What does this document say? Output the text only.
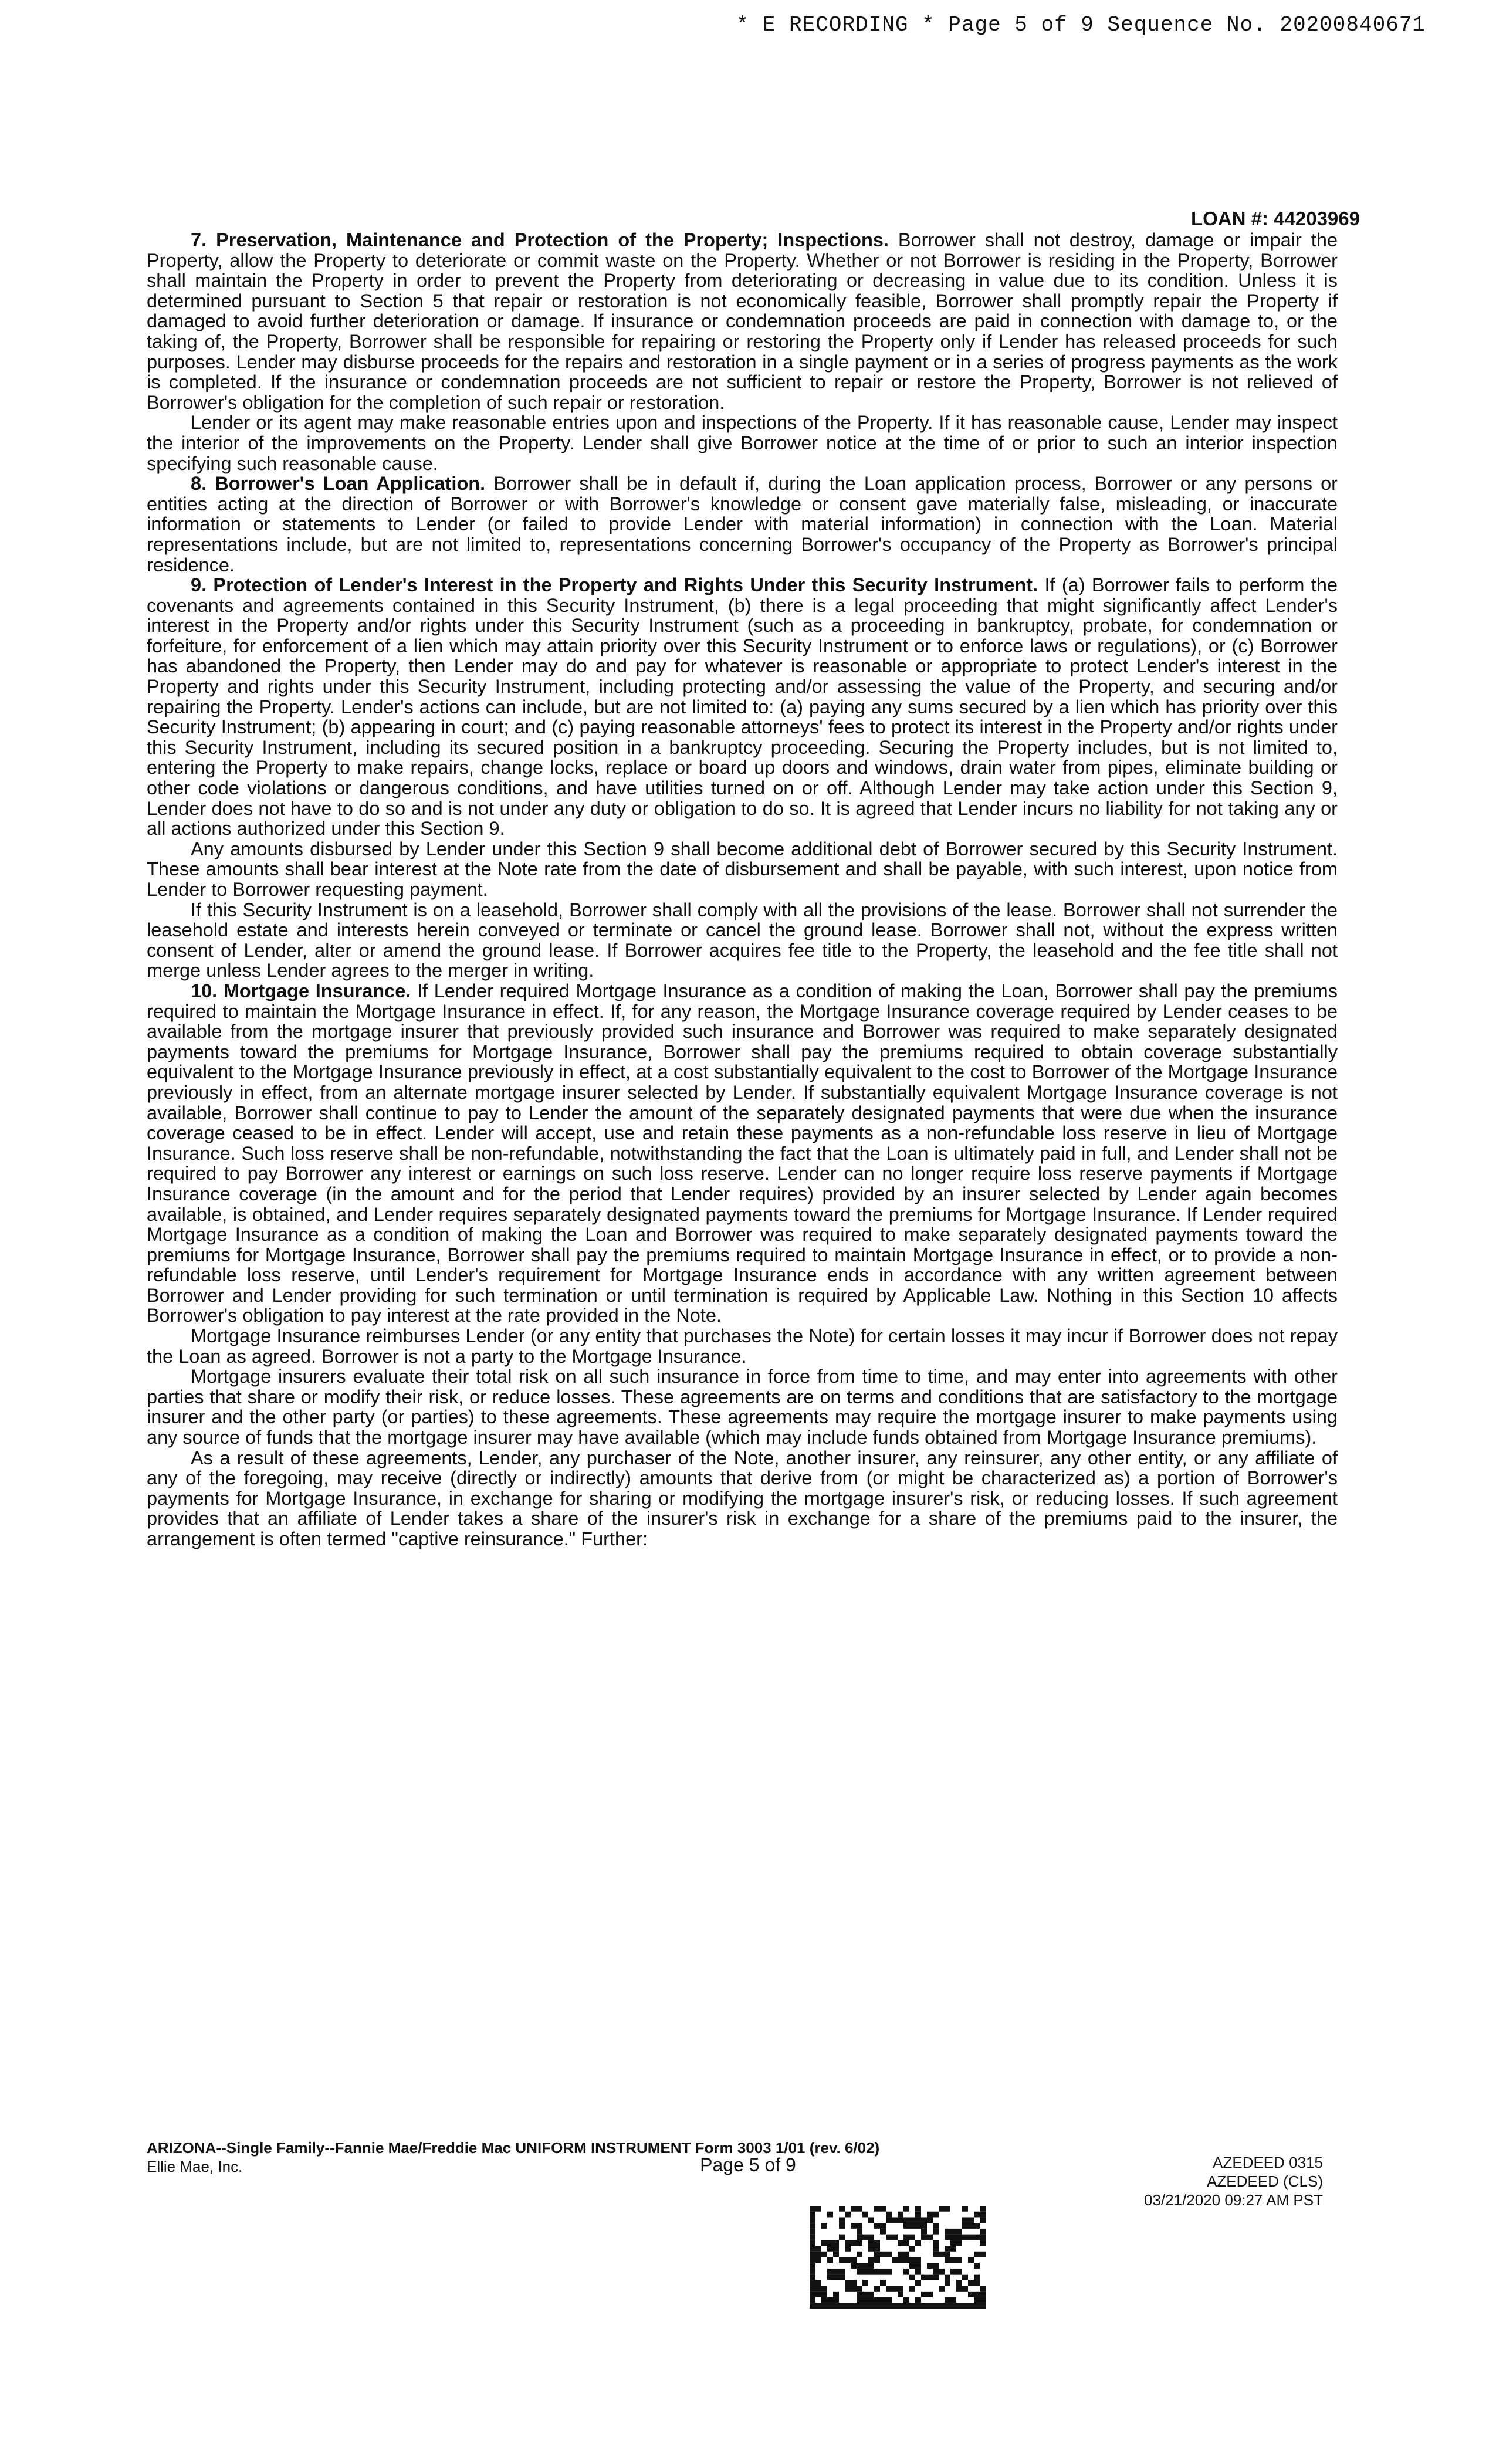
* E RECORDING * Page 5 of 9 Sequence No. 20200840671
LOAN #: 44203969

7. Preservation, Maintenance and Protection of the Property; Inspections. Borrower shall not destroy, damage or impair the Property, allow the Property to deteriorate or commit waste on the Property. Whether or not Borrower is residing in the Property, Borrower shall maintain the Property in order to prevent the Property from deteriorating or decreasing in value due to its condition. Unless it is determined pursuant to Section 5 that repair or restoration is not economically feasible, Borrower shall promptly repair the Property if damaged to avoid further deterioration or damage. If insurance or condemnation proceeds are paid in connection with damage to, or the taking of, the Property, Borrower shall be responsible for repairing or restoring the Property only if Lender has released proceeds for such purposes. Lender may disburse proceeds for the repairs and restoration in a single payment or in a series of progress payments as the work is completed. If the insurance or condemnation proceeds are not sufficient to repair or restore the Property, Borrower is not relieved of Borrower's obligation for the completion of such repair or restoration.

Lender or its agent may make reasonable entries upon and inspections of the Property. If it has reasonable cause, Lender may inspect the interior of the improvements on the Property. Lender shall give Borrower notice at the time of or prior to such an interior inspection specifying such reasonable cause.

8. Borrower's Loan Application. Borrower shall be in default if, during the Loan application process, Borrower or any persons or entities acting at the direction of Borrower or with Borrower's knowledge or consent gave materially false, misleading, or inaccurate information or statements to Lender (or failed to provide Lender with material information) in connection with the Loan. Material representations include, but are not limited to, representations concerning Borrower's occupancy of the Property as Borrower's principal residence.

9. Protection of Lender's Interest in the Property and Rights Under this Security Instrument. If (a) Borrower fails to perform the covenants and agreements contained in this Security Instrument, (b) there is a legal proceeding that might significantly affect Lender's interest in the Property and/or rights under this Security Instrument (such as a proceeding in bankruptcy, probate, for condemnation or forfeiture, for enforcement of a lien which may attain priority over this Security Instrument or to enforce laws or regulations), or (c) Borrower has abandoned the Property, then Lender may do and pay for whatever is reasonable or appropriate to protect Lender's interest in the Property and rights under this Security Instrument, including protecting and/or assessing the value of the Property, and securing and/or repairing the Property. Lender's actions can include, but are not limited to: (a) paying any sums secured by a lien which has priority over this Security Instrument; (b) appearing in court; and (c) paying reasonable attorneys' fees to protect its interest in the Property and/or rights under this Security Instrument, including its secured position in a bankruptcy proceeding. Securing the Property includes, but is not limited to, entering the Property to make repairs, change locks, replace or board up doors and windows, drain water from pipes, eliminate building or other code violations or dangerous conditions, and have utilities turned on or off. Although Lender may take action under this Section 9, Lender does not have to do so and is not under any duty or obligation to do so. It is agreed that Lender incurs no liability for not taking any or all actions authorized under this Section 9.

Any amounts disbursed by Lender under this Section 9 shall become additional debt of Borrower secured by this Security Instrument. These amounts shall bear interest at the Note rate from the date of disbursement and shall be payable, with such interest, upon notice from Lender to Borrower requesting payment.

If this Security Instrument is on a leasehold, Borrower shall comply with all the provisions of the lease. Borrower shall not surrender the leasehold estate and interests herein conveyed or terminate or cancel the ground lease. Borrower shall not, without the express written consent of Lender, alter or amend the ground lease. If Borrower acquires fee title to the Property, the leasehold and the fee title shall not merge unless Lender agrees to the merger in writing.

10. Mortgage Insurance. If Lender required Mortgage Insurance as a condition of making the Loan, Borrower shall pay the premiums required to maintain the Mortgage Insurance in effect. If, for any reason, the Mortgage Insurance coverage required by Lender ceases to be available from the mortgage insurer that previously provided such insurance and Borrower was required to make separately designated payments toward the premiums for Mortgage Insurance, Borrower shall pay the premiums required to obtain coverage substantially equivalent to the Mortgage Insurance previously in effect, at a cost substantially equivalent to the cost to Borrower of the Mortgage Insurance previously in effect, from an alternate mortgage insurer selected by Lender. If substantially equivalent Mortgage Insurance coverage is not available, Borrower shall continue to pay to Lender the amount of the separately designated payments that were due when the insurance coverage ceased to be in effect. Lender will accept, use and retain these payments as a non-refundable loss reserve in lieu of Mortgage Insurance. Such loss reserve shall be non-refundable, notwithstanding the fact that the Loan is ultimately paid in full, and Lender shall not be required to pay Borrower any interest or earnings on such loss reserve. Lender can no longer require loss reserve payments if Mortgage Insurance coverage (in the amount and for the period that Lender requires) provided by an insurer selected by Lender again becomes available, is obtained, and Lender requires separately designated payments toward the premiums for Mortgage Insurance. If Lender required Mortgage Insurance as a condition of making the Loan and Borrower was required to make separately designated payments toward the premiums for Mortgage Insurance, Borrower shall pay the premiums required to maintain Mortgage Insurance in effect, or to provide a non-refundable loss reserve, until Lender's requirement for Mortgage Insurance ends in accordance with any written agreement between Borrower and Lender providing for such termination or until termination is required by Applicable Law. Nothing in this Section 10 affects Borrower's obligation to pay interest at the rate provided in the Note.

Mortgage Insurance reimburses Lender (or any entity that purchases the Note) for certain losses it may incur if Borrower does not repay the Loan as agreed. Borrower is not a party to the Mortgage Insurance.

Mortgage insurers evaluate their total risk on all such insurance in force from time to time, and may enter into agreements with other parties that share or modify their risk, or reduce losses. These agreements are on terms and conditions that are satisfactory to the mortgage insurer and the other party (or parties) to these agreements. These agreements may require the mortgage insurer to make payments using any source of funds that the mortgage insurer may have available (which may include funds obtained from Mortgage Insurance premiums).

As a result of these agreements, Lender, any purchaser of the Note, another insurer, any reinsurer, any other entity, or any affiliate of any of the foregoing, may receive (directly or indirectly) amounts that derive from (or might be characterized as) a portion of Borrower's payments for Mortgage Insurance, in exchange for sharing or modifying the mortgage insurer's risk, or reducing losses. If such agreement provides that an affiliate of Lender takes a share of the insurer's risk in exchange for a share of the premiums paid to the insurer, the arrangement is often termed "captive reinsurance." Further:

ARIZONA--Single Family--Fannie Mae/Freddie Mac UNIFORM INSTRUMENT Form 3003 1/01 (rev. 6/02)
Ellie Mae, Inc.	Page 5 of 9	AZEDEED 0315
AZEDEED (CLS)
03/21/2020 09:27 AM PST
